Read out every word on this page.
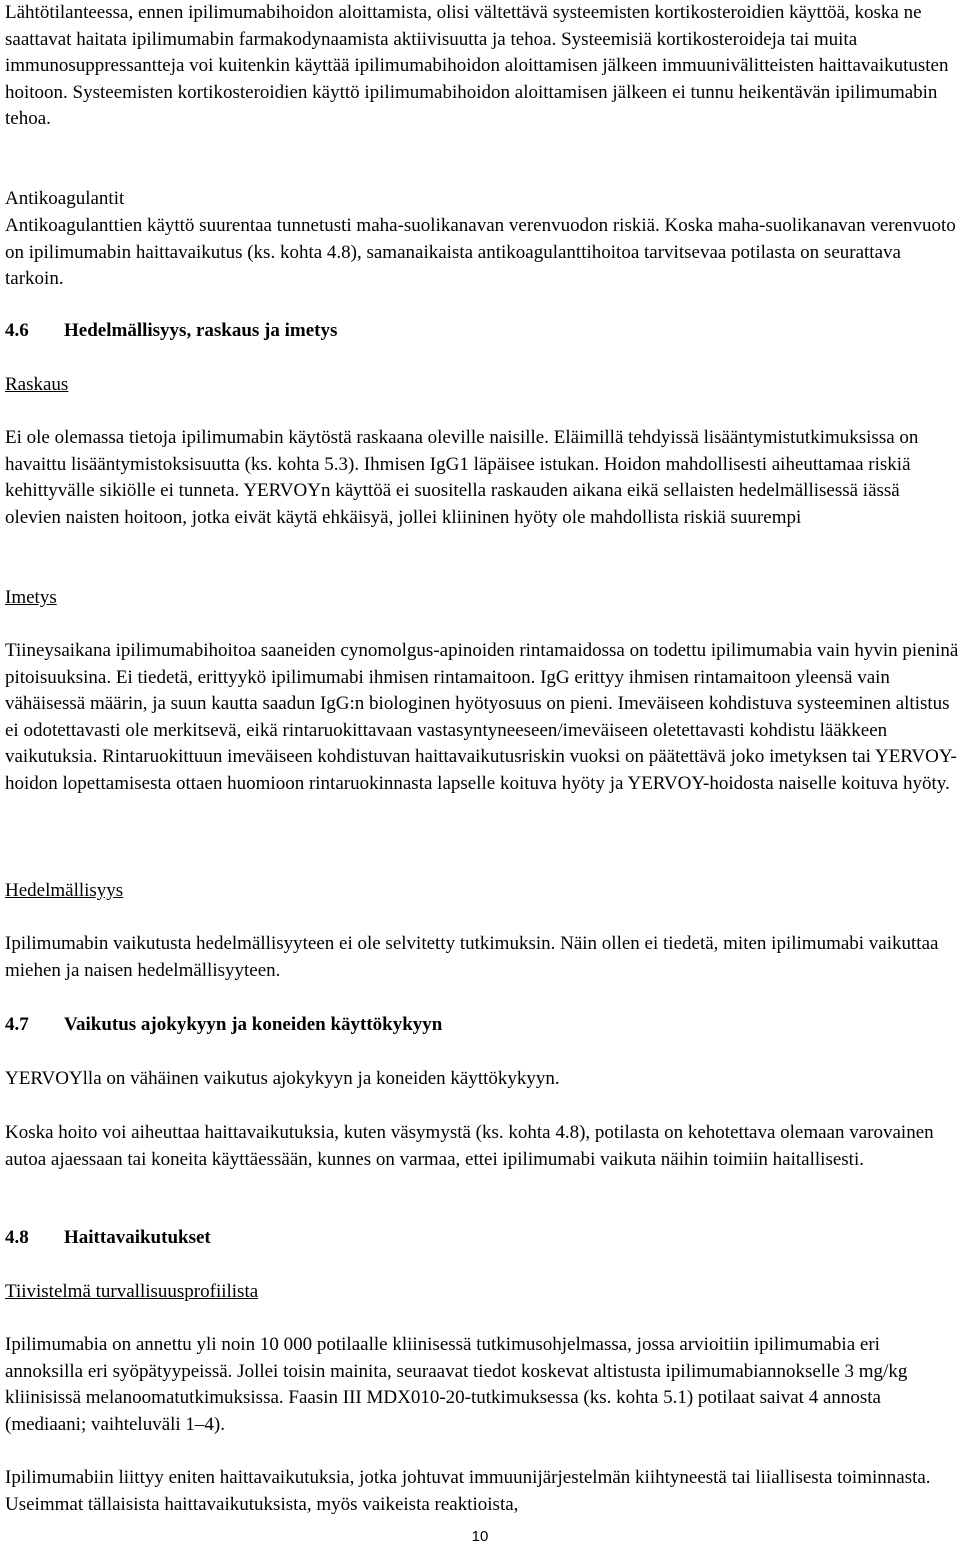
Lähtötilanteessa, ennen ipilimumabihoidon aloittamista, olisi vältettävä systeemisten kortikosteroidien käyttöä, koska ne saattavat haitata ipilimumabin farmakodynaamista aktiivisuutta ja tehoa. Systeemisiä kortikosteroideja tai muita immunosuppressantteja voi kuitenkin käyttää ipilimumabihoidon aloittamisen jälkeen immuunivälitteisten haittavaikutusten hoitoon. Systeemisten kortikosteroidien käyttö ipilimumabihoidon aloittamisen jälkeen ei tunnu heikentävän ipilimumabin tehoa.

Antikoagulantit

Antikoagulanttien käyttö suurentaa tunnetusti maha-suolikanavan verenvuodon riskiä. Koska maha-suolikanavan verenvuoto on ipilimumabin haittavaikutus (ks. kohta 4.8), samanaikaista antikoagulanttihoitoa tarvitsevaa potilasta on seurattava tarkoin.

4.6	Hedelmällisyys, raskaus ja imetys
Raskaus

Ei ole olemassa tietoja ipilimumabin käytöstä raskaana oleville naisille. Eläimillä tehdyissä lisääntymistutkimuksissa on havaittu lisääntymistoksisuutta (ks. kohta 5.3). Ihmisen IgG1 läpäisee istukan. Hoidon mahdollisesti aiheuttamaa riskiä kehittyvälle sikiölle ei tunneta. YERVOYn käyttöä ei suositella raskauden aikana eikä sellaisten hedelmällisessä iässä olevien naisten hoitoon, jotka eivät käytä ehkäisyä, jollei kliininen hyöty ole mahdollista riskiä suurempi

Imetys

Tiineysaikana ipilimumabihoitoa saaneiden cynomolgus-apinoiden rintamaidossa on todettu ipilimumabia vain hyvin pieninä pitoisuuksina. Ei tiedetä, erittyykö ipilimumabi ihmisen rintamaitoon. IgG erittyy ihmisen rintamaitoon yleensä vain vähäisessä määrin, ja suun kautta saadun IgG:n biologinen hyötyosuus on pieni. Imeväiseen kohdistuva systeeminen altistus ei odotettavasti ole merkitsevä, eikä rintaruokittavaan vastasyntyneeseen/imeväiseen oletettavasti kohdistu lääkkeen vaikutuksia. Rintaruokittuun imeväiseen kohdistuvan haittavaikutusriskin vuoksi on päätettävä joko imetyksen tai YERVOY-hoidon lopettamisesta ottaen huomioon rintaruokinnasta lapselle koituva hyöty ja YERVOY-hoidosta naiselle koituva hyöty.

Hedelmällisyys

Ipilimumabin vaikutusta hedelmällisyyteen ei ole selvitetty tutkimuksin. Näin ollen ei tiedetä, miten ipilimumabi vaikuttaa miehen ja naisen hedelmällisyyteen.

4.7	Vaikutus ajokykyyn ja koneiden käyttökykyyn

YERVOYlla on vähäinen vaikutus ajokykyyn ja koneiden käyttökykyyn.

Koska hoito voi aiheuttaa haittavaikutuksia, kuten väsymystä (ks. kohta 4.8), potilasta on kehotettava olemaan varovainen autoa ajaessaan tai koneita käyttäessään, kunnes on varmaa, ettei ipilimumabi vaikuta näihin toimiin haitallisesti.

4.8	Haittavaikutukset
Tiivistelmä turvallisuusprofiilista

Ipilimumabia on annettu yli noin 10 000 potilaalle kliinisessä tutkimusohjelmassa, jossa arvioitiin ipilimumabia eri annoksilla eri syöpätyypeissä. Jollei toisin mainita, seuraavat tiedot koskevat altistusta ipilimumabiannokselle 3 mg/kg kliinisissä melanoomatutkimuksissa. Faasin III MDX010-20-tutkimuksessa (ks. kohta 5.1) potilaat saivat 4 annosta (mediaani; vaihteluväli 1–4).

Ipilimumabiin liittyy eniten haittavaikutuksia, jotka johtuvat immuunijärjestelmän kiihtyneestä tai liiallisesta toiminnasta. Useimmat tällaisista haittavaikutuksista, myös vaikeista reaktioista,

10
